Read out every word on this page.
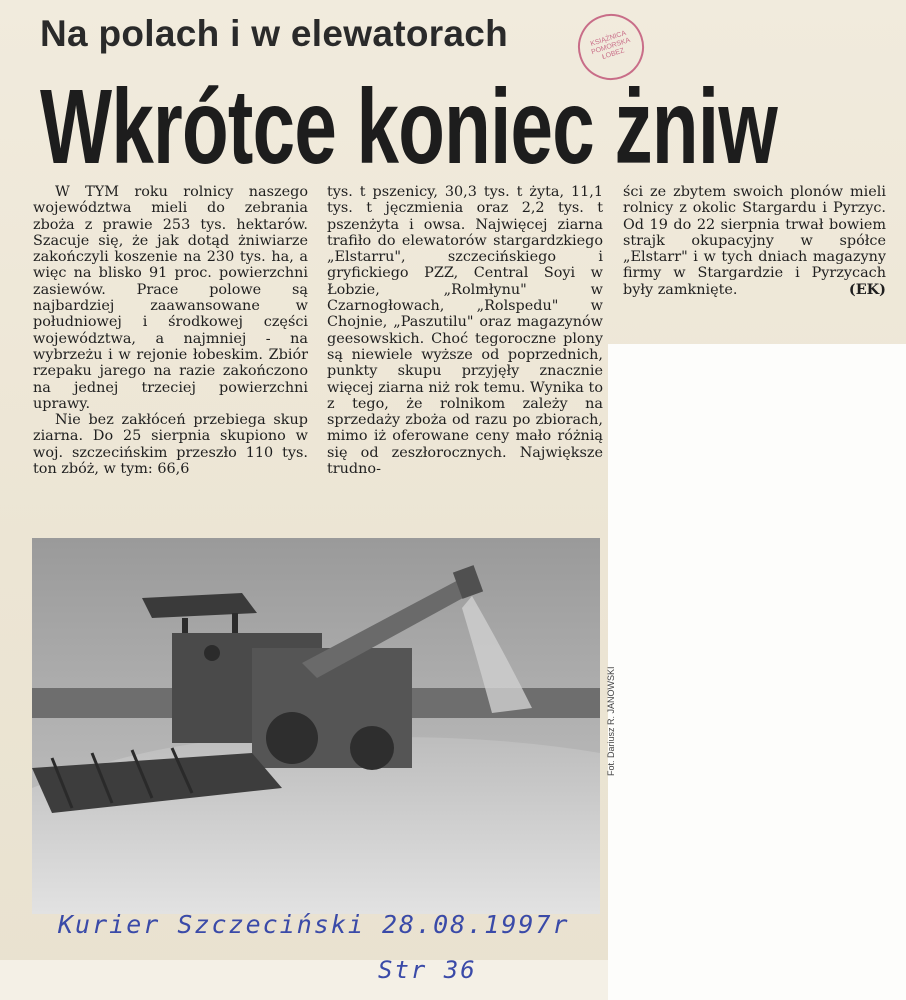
Na polach i w elewatorach
Wkrótce koniec żniw
KSIĄŻNICA POMORSKA ŁOBEZ

W TYM roku rolnicy naszego województwa mieli do zebrania zboża z prawie 253 tys. hektarów. Szacuje się, że jak dotąd żniwiarze zakończyli koszenie na 230 tys. ha, a więc na blisko 91 proc. powierzchni zasiewów. Prace polowe są najbardziej zaawansowane w południowej i środkowej części województwa, a najmniej - na wybrzeżu i w rejonie łobeskim. Zbiór rzepaku jarego na razie zakończono na jednej trzeciej powierzchni uprawy.

Nie bez zakłóceń przebiega skup ziarna. Do 25 sierpnia skupiono w woj. szczecińskim przeszło 110 tys. ton zbóż, w tym: 66,6

tys. t pszenicy, 30,3 tys. t żyta, 11,1 tys. t jęczmienia oraz 2,2 tys. t pszenżyta i owsa. Najwięcej ziarna trafiło do elewatorów stargardzkiego „Elstarru", szczecińskiego i gryfickiego PZZ, Central Soyi w Łobzie, „Rolmłynu" w Czarnogłowach, „Rolspedu" w Chojnie, „Paszutilu" oraz magazynów geesowskich. Choć tegoroczne plony są niewiele wyższe od poprzednich, punkty skupu przyjęły znacznie więcej ziarna niż rok temu. Wynika to z tego, że rolnikom zależy na sprzedaży zboża od razu po zbiorach, mimo iż oferowane ceny mało różnią się od zeszłorocznych. Największe trudno-

ści ze zbytem swoich plonów mieli rolnicy z okolic Stargardu i Pyrzyc. Od 19 do 22 sierpnia trwał bowiem strajk okupacyjny w spółce „Elstarr" i w tych dniach magazyny firmy w Stargardzie i Pyrzycach były zamknięte.	(EK)

Fot. Dariusz R. JANOWSKI
Kurier Szczeciński 28.08.1997r
Str 36
